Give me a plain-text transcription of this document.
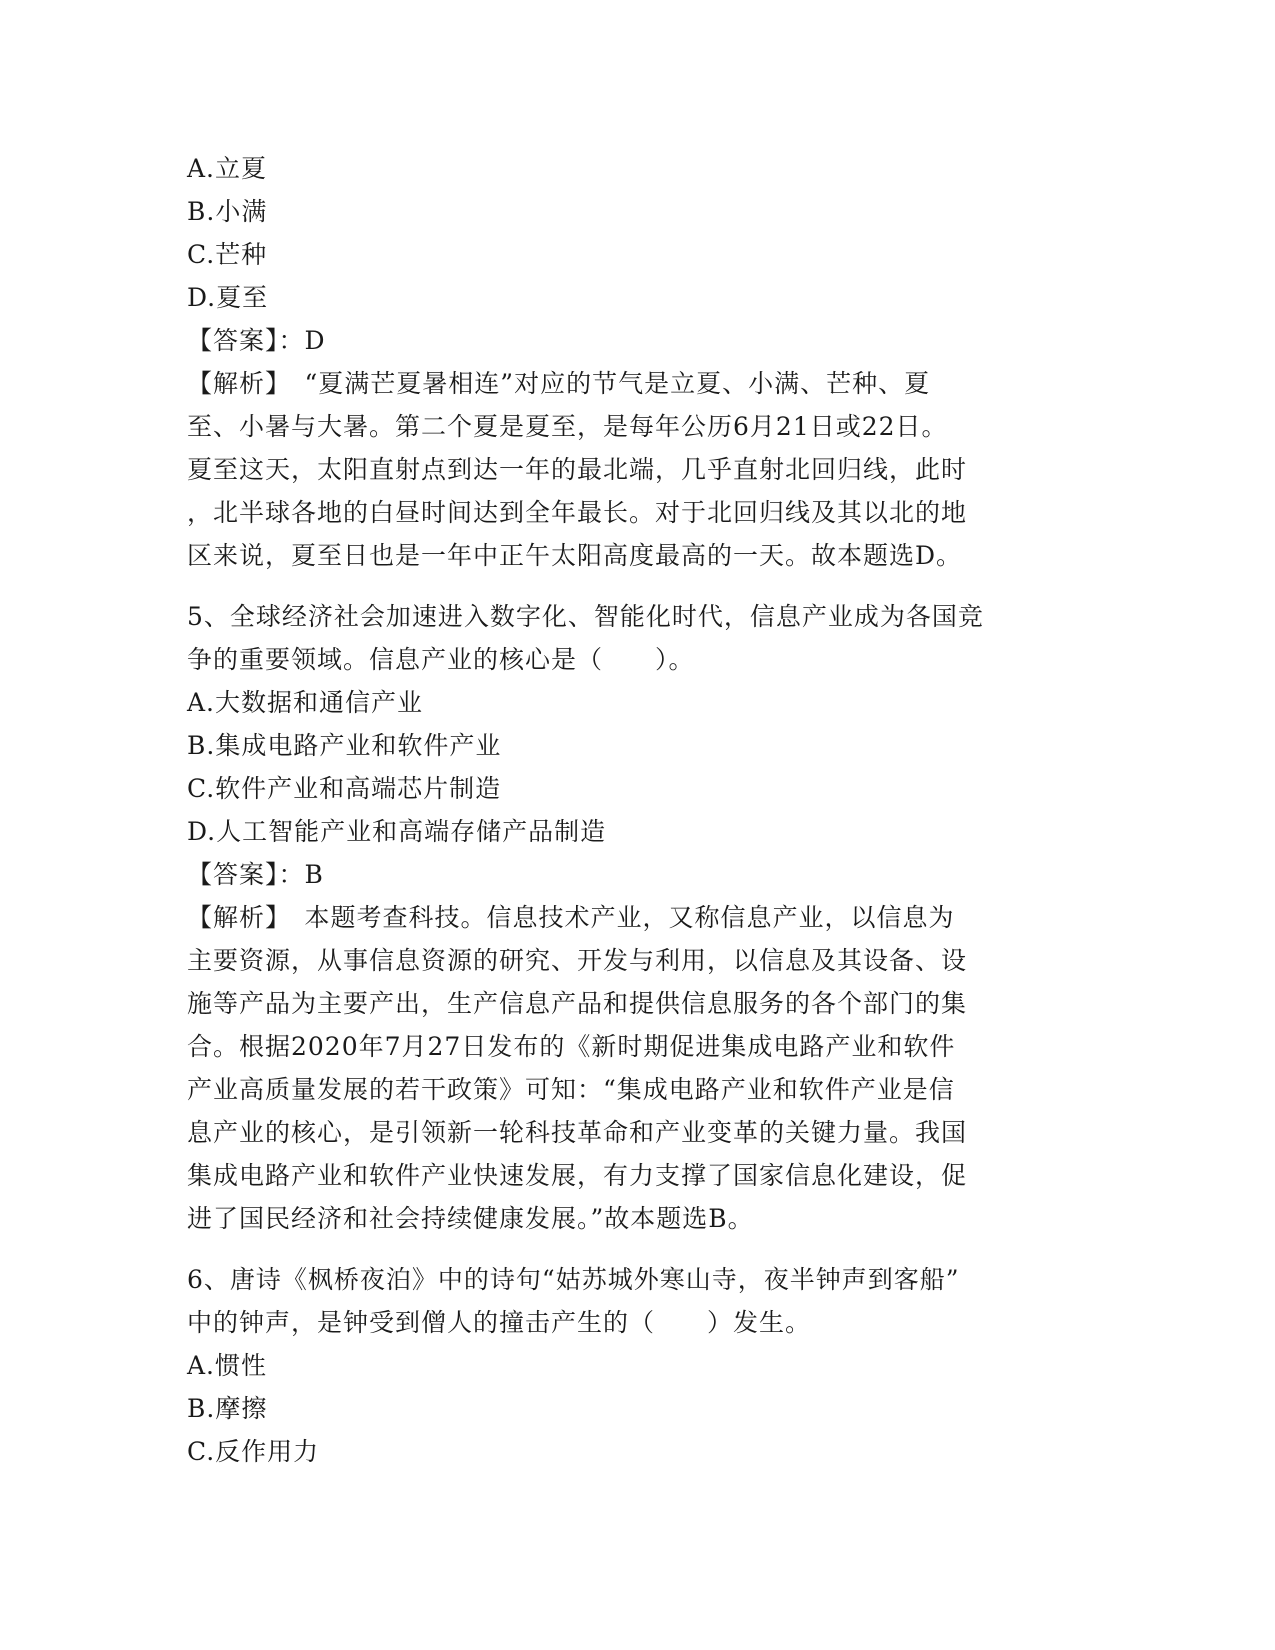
A.立夏
B.小满
C.芒种
D.夏至
【答案】：D
【解析】　“夏满芒夏暑相连”对应的节气是立夏、小满、芒种、夏
至、小暑与大暑。第二个夏是夏至，是每年公历6月21日或22日。
夏至这天，太阳直射点到达一年的最北端，几乎直射北回归线，此时
，北半球各地的白昼时间达到全年最长。对于北回归线及其以北的地
区来说，夏至日也是一年中正午太阳高度最高的一天。故本题选D。
5、全球经济社会加速进入数字化、智能化时代，信息产业成为各国竞
争的重要领域。信息产业的核心是（　　）。
A.大数据和通信产业
B.集成电路产业和软件产业
C.软件产业和高端芯片制造
D.人工智能产业和高端存储产品制造
【答案】：B
【解析】　本题考查科技。信息技术产业，又称信息产业，以信息为
主要资源，从事信息资源的研究、开发与利用，以信息及其设备、设
施等产品为主要产出，生产信息产品和提供信息服务的各个部门的集
合。根据2020年7月27日发布的《新时期促进集成电路产业和软件
产业高质量发展的若干政策》可知：“集成电路产业和软件产业是信
息产业的核心，是引领新一轮科技革命和产业变革的关键力量。我国
集成电路产业和软件产业快速发展，有力支撑了国家信息化建设，促
进了国民经济和社会持续健康发展。”故本题选B。
6、唐诗《枫桥夜泊》中的诗句“姑苏城外寒山寺，夜半钟声到客船”
中的钟声，是钟受到僧人的撞击产生的（　　）发生。
A.惯性
B.摩擦
C.反作用力
